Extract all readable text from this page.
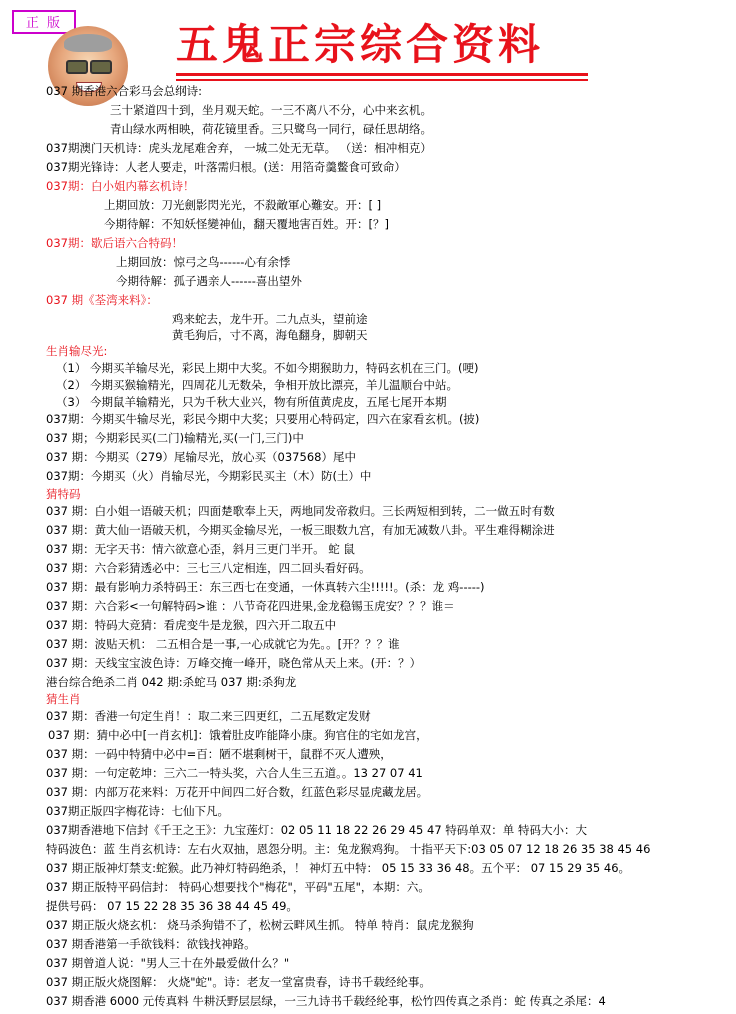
正 版	五鬼正宗综合资料
037 期香港六合彩马会总纲诗:
三十紧道四十到，坐月观天蛇。一三不离八不分，心中来玄机。
青山绿水两相映，荷花镜里香。三只鹭鸟一同行，碌任思胡络。
037期澳门天机诗：虎头龙尾难舍弃， 一城二处无无草。 （送：相冲相克）
037期光锋诗：人老人要走，叶落需归根。(送：用箔奇羹鳖食可致命）
037期：白小姐内幕玄机诗！
上期回放：刀光劍影閃光光，不殺敵軍心難安。开：[ ]
今期待解：不知妖怪變神仙，翻天覆地害百姓。开：[？]
037期：歇后语六合特码！
上期回放：惊弓之鸟------心有余悸
今期待解：孤子遇亲人------喜出望外
037 期《荃湾来料》：
鸡来蛇去，龙牛开。二九点头，望前途
黄毛狗后，寸不离，海龟翻身，脚朝天
生肖输尽光:
（1） 今期买羊输尽光，彩民上期中大奖。不如今期猴助力，特码玄机在三门。(哽)
（2） 今期买猴输精光，四周花儿无数朵，争相开放比漂亮，羊儿温顺台中站。
（3） 今期鼠羊输精光，只为千秋大业兴，物有所值黄虎皮，五尾七尾开本期
037期：今期买牛输尽光，彩民今期中大奖；只要用心特码定，四六在家看玄机。(披)
037 期；今期彩民买(二门)输精光,买(一门,三门)中
037 期：今期买（279）尾输尽光，放心买（037568）尾中
037期：今期买（火）肖输尽光，今期彩民买主（木）防(土）中
猜特码
037 期：白小姐一语破天机；四面楚歌奉上天，两地同发帝救归。三长两短相到转，二一做五时有数
037 期：黄大仙一语破天机，今期买金输尽光，一板三眼数九宫，有加无减数八卦。平生难得糊涂进
037 期：无字天书：情六欲意心歪，斜月三更门半开。 蛇 鼠
037 期：六合彩猜透必中：三七三八定相连，四二回头看好码。
037 期：最有影响力杀特码王：东三西七在变通，一休真转六尘!!!!!。(杀：龙 鸡-----)
037 期：六合彩<一句解特码>谁 ：八节奇花四进果,金龙稳锡玉虎安？？？谁＝
037 期：特码大竞猜：看虎变牛是龙猴，四六开二取五中
037 期：波贴天机： 二五相合是一事,一心成就它为先。。[开？？？谁
037 期：天线宝宝波色诗：万峰交掩一峰开，晓色常从天上来。(开：？）
港台综合绝杀二肖 042 期:杀蛇马 037 期:杀狗龙
猜生肖
037 期：香港一句定生肖！：取二来三四更红，二五尾数定发财
037 期：猜中必中[一肖玄机]：饿着肚皮咋能降小康。狗官住的宅如龙宫，
037 期：一码中特猜中必中=百：陋不堪剩树干，鼠群不灭人遭殃，
037 期：一句定乾坤：三六二一特头奖，六合人生三五道。。13 27 07 41
037 期：内部万花来料：万花开中间四二好合数，红蓝色彩尽显虎藏龙居。
037期正版四字梅花诗：七仙下凡。
037期香港地下信封《千王之王》：九宝莲灯：02 05 11 18 22 26 29 45 47 特码单双：单 特码大小：大
特码波色：蓝 生肖玄机诗：左右火双抽，恩怨分明。主：兔龙猴鸡狗。 十指平天下:03 05 07 12 18 26 35 38 45 46
037 期正版神灯禁支:蛇猴。此乃神灯特码绝杀，！ 神灯五中特： 05 15 33 36 48。五个平： 07 15 29 35 46。
037 期正版特平码信封： 特码心想要找个"梅花"，平码"五尾"，本期：六。
提供号码： 07 15 22 28 35 36 38 44 45 49。
037 期正版火烧玄机： 烧马杀狗错不了，松树云畔风生抓。 特单 特肖：鼠虎龙猴狗
037 期香港第一手欲钱料：欲钱找神路。
037 期曾道人说："男人三十在外最爱做什么？"
037 期正版火烧图解： 火烧"蛇"。诗：老友一堂富贵春，诗书千载经纶事。
037 期香港 6000 元传真料 牛耕沃野层层绿，一三九诗书千载经纶事，松竹四传真之杀肖：蛇 传真之杀尾：4
